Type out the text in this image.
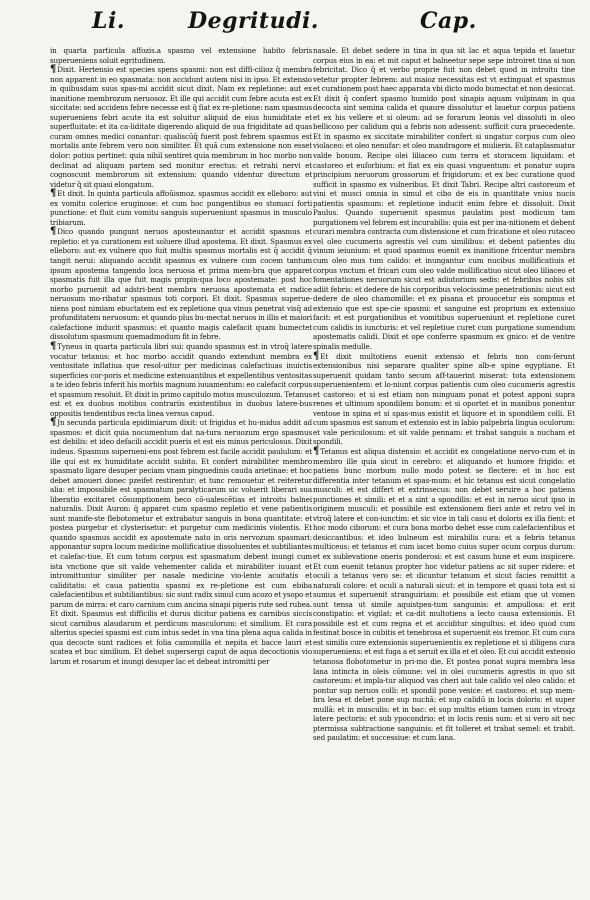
Li.	Degritudi.	Cap.

in quarta particula affozis.a spasmo vel extensione habito febris superueniens soluit egritudinem.

¶Dixit. Hertensio est species spens spasmi: non est diffi-cilioz q̄ membra non apparent in eo spasmata: non accidunt autem nisi in ipso. Et extensio in quibusdam suus spas-mi accidit sicut dixit. Nam ex repletione: aut ex inanitione membrozum neruosoz. Et ille qui accidit cum febre acuta est ex siccitate: sed accidens febre necesse est q̄ fiat ex re-pletione: nam spasmus superueniens febri acute ita est soluitur aliquid de eius humiditate et superfluitate: et ita ca-liditate digerendo aliquid de sua frigiditate ad quas curam omnes medici conantur: qualiscūq̄ fuerit post febrem spasmus est mortalis ante febrem vero non similiter. Et quã cum extensione non esset dolor: potius pertinet: quia nihil sentiret quia membrum in hoc morbo non declinat ad aliquam partem sed monitur erectus: et retrahi nervi et cognoscunt membrorum sit extensium: quando videntur directum et videtur q̄ sit quasi elongatum.

¶Et dixit. In quinta particula affoũismoz. spasmus accidit ex elleboro: aut ex vomitu colerice eruginose: et cum hoc pungentibus eo stomaci forti punctione: et fluit cum vomitu sanguis superueniunt spasmus in musculo tribiarum.

¶Dico quando pungunt neruos aposteunantur et accidit spasmus et repletio: et ya curationem est soluere illud apostema. Et dixit. Spasmus ex elleboro: aut ex vulnere quo fuit multis spasmus mortalis est q̄ accidit q̄ tangit nerui: aliquando accidit spasmus ex vulnere cum cocem tantum ipsum apostema tangendo loca neruosa et prima mem-bra que apparet spasmatis fuit illa que fuit magis propin-qua loco apostemate: post hoc morbo puruenit ad adstri-bent membra neruosa apostemata et radice neruosum mo-ribatur spasmus toti corpori. Et dixit. Spasmus superue-niens post nimiam ebuctatem est ex repletione qua vinus penetrat visq̄ ad profunditatem neruosum: et quando plus bu-mectat neruos in illis et maiori calefactione inducit spasmus: et quanto magis calefacit quam bumectet dissolutum spasmum quemadmodum fit in febre.

¶Tyneus in quarta particula libri sui: quando spasmus est in vtroq̄ latere vocatur tetanus: et hoc morbo accidit quando extendunt membra ex ventositate inflatiua que resol-uitur per medicinas calefactiuas inuictis superficies cor-poris et medicine extenuantibus et expellentibus ventositas a te ideo febris inferit his morbis magnum iuuamentum: eo calefacit corpus et spasmum resoluit. Et dixit in primo capitulo motus musculozum. Tetanus est et ex duobus motibus contrariis existentibus in duobus latere-bus oppositis tendentibus recta linea versus capud.

¶Jn secunda particula epidimiarum dixit: ut frigidus et hu-midus addit ad spasmos: et dicit quia nocumentum dat na-tura neruozum ergo spasmus est debilis: et ideo defacili accidit pueris et est eis minus periculosus. Dixit iudeus. Spasmus superueni-ens post febrem est facile accidit paululum: et ille qui est ex humiditate accidit subito. Et confert mirabiliter membro spasmato ligare desuper peciam vnam pinguedinis cauda arietinae: et hoc debet amoueri donec pzeifet restirentur: et tunc remouetur et reiteretur alia: et impossibile est spasmatum paralyticarum sic voluerit liberari sua liberatio excitaret cōsumptionem beco cō-ualescētias et introitu balnei naturalis. Dixit Auron: q̄ apparet cum spasmo repletio et vene patientis sunt manife-ste flebotometur et extrabatur sanguis in bona quantitate: et postea purgetur et clysterisetur: et purgetur cum medicinis violentis. Et quando spasmus accidit ex apostemate nato in oris nervozum spasmari: apponantur supra locum medicine mollificatiue dissoluentes et subtiliantes et calefac-tiue. Et cum totum corpus est spasmatum debent inungi cum ista vnctione que sit valde vehementer calida et mirabiliter iuuant et intromittuntur similiter per nasale medicine vio-lente acuitatis et caliditatis: et caua patientis spasmi ex re-pletione est cum ebiba calefacientibus et subtiliantibus: sic sunt radix simul cum acozo et ysopo et parum de mirra: et caro carnium cum ancina sinapi piperis rute sed rubea. Et dixit. Spasmus est difficilis et durus dicitur patiens ex carnibus siccis sicut carnibus alaudarum et perdicum masculorum: et similium. Et cura alterius speciei spasmi est cum intus sedet in vna tina plena aqua calida in qua decocte sunt radices et folia camomilla et nepita et bacce lauri et scatea et buc similium. Et debet supersergi caput de aqua decoctionis vio larum et rosarum et inungi desuper lac et debeat intromitti per

nasale. Et debet sedere in tina in qua sit lac et aqua tepida et lauetur corpus eius in ea: et mit caput et balneetur sepe sepe introiret tina si non febricitat. Dico q̄ et verbo proprie fuit non debet quod in introitu tine vetetur propter febrem: aut maioz necessitas est vt extinguat et spasmus et curationem post haec apparata vbi dicto modo bumectat et non desiccat. Et dixit q̄ confert spasmo humido post sinapis aquam vulpinam in qua decocta sint semina calida et quaure dissolutur et lauetur corpus patiens et ex his vellere et si oleum: ad se forarum leonis vel dissoluti in oleo bellicoso per calidum qui a febris non adessent: sufficit cura praecedente. Et in spasmo ex siccitate mirabiliter confert si ungatur corpus cum oleo violaceo: et oleo nenufar: et oleo mandragore et mulieris. Et cataplasmatur valde bonum. Recipe olei liliaceo cum terra et storacem liquidam: et castoreo et euforbium: et fiat ex eis quasi vnguentum: et ponatur supra principium neruorum grossorum et frigidorum: et ex bec curatione quod sufficit in spasmo ex vulneribus. Et dixit Tabri. Recipe altri castoreum et vini et musci omnia in simul et cibo de eis in quantitate vnius nucis patientis spasmum: et repletione inducit enim febre et dissoluit. Dixit Paulus. Quando superuenit spasmus paulatim post modicum tam purgationem vel febrem est incurabilis: quia est per ina-nitionem et debent curari membra contracta cum distensione et cum fricatione et oleo rutaceo vel oleo cucumeris agrestis vel cum similibus: et debent patientes diu vinum ieiunium: et quod spasmus euenit ex inanitione fricentur membra cum oleo mus tum calido: et inungantur cum nucibus mollificatiuis et corpus vnctum et fricari cum oleo valde mollificatiuo sicut oleo liliaceo et fomentationes neruorum sicut est adiutorium sedis: et febribus nobis sit adiit febris: et dedere de his corporibus velocissime penetrationis: sicut est dedere de oleo chamomille: et ex pisana et prouocetur eis sompnus et extensio que est spe-cie spasmi: et sanguine est proprium ex extensiuo facit: et est purgationibus et vomitibus superueniunt et repletione curet cum calidis in iuncturis: et vel repletiue curet cum purgatione sumendum apostematis calidi. Dixit et ope conferre spasmum ex gnico: et de ventre spinalis medulle.

¶Et dixit multotiens euenit extensio et febris non com-ferunt extensionibus nisi separare qualiter spine alb-e spine egyptiane. Et superuenit quidam tanto secum aff-tauerint miserat: tota extensionem superuenientem: et lo-niunt corpus patientis cum oleo cucumeris agrestis et castoreo: et si est etiam non minguam ponat et potest apponi supra renes et ultimum spondilem bonum: et si oportet et in manibus ponentur ventose in spina et si spas-mus existit et liquore et in spondilem colli. Et cum spasmus est sanum et extensio est in labio palpebria lingua oculorum: et vale periculosum: et sit valde pennam: et trabat sanguis a nucham et spondili.

¶Tetanus est aliqua distensio: et accidit ex congelatione nervo-rum et in membro ille quia sicut in cerebro: et aliquando et humore frigido: et patiens bunc morbum nullo modo potest se flectere: et in hoc est differentia inter tetanum et spas-mum: et hic tetanus est sicut congelatio musculi: et est differt et extrinsecus: non debet seruire a hoc patiens punctiones et simili: et et a sint a spondilis: et est in neruo sicut ipso in originem musculi: et possibile est extensionem fieri ante et retro vel in vtroq̄ latere et con-iunctim: et sic vice in tali casu et doloris ex illa fient: et hoc modo ciborum: et cura bona morbo debet esse cum calefacientibus et desiccantibus: et ideo bulneum est mirabilis cura: et a febris tetanus multiceus: et tetanus et cum iacet bomo cuius super ocum corpus durum: et ex sublevatione oneris ponderosi: et est casum hune et eum inspicere. Et cum euenit tetanus propter hoc videtur patiens ac sit super ridere: et oculi a tetanus vero se: et dicuntur tetanum et sicut facies remittit a naturali colore: et oculi a naturali sicut: et in tempore et quasi tota est si sumus et superuenit stranguiriam: et possibile est etiam que ut vomen sunt tensa ut simile aquistpea-tum sanguinis: et ampullosa: et erit constipatio: et vigilat: et ca-dit multotiens a lecto causa extensionis. Et possibile est et cum regna et et acciditur singultus: et ideo quod cum festinat bosce in cubitis et tenebrosa et superuenit eis tremor. Et cum cura est similis cure extensionis superuenientis ex repletione et si diligens cura superueniens: et est fuga a et seruit ex illa et et oleo. Et cui accidit extensio tetanosa flobotometur in pri-mo die. Et postea ponat supra membra lesa lana intincta in oleis cōmune: vel in olei cucumeris agrestis in quo sit castoreum: et impla-tur aliquod vas cheri aut tale calido vel oleo calido: et pontur sup neruos colli: et spondil pone vesice: et castoreo: et sup mem-bra lesa et debet pone sup nuchā: et sup calidū in locis doloris: et super mullā: et in musculis: et in bac: et sup multis etiam tamen cum in vtroqz latere pectoris: et sub ypocondrio: et in locis renis sum: et si vero sit nec ptermissa subtractione sanguinis: et fit tolleret et trabat semel: et trabit. sed paulatim: et successiue: et cum lana.
